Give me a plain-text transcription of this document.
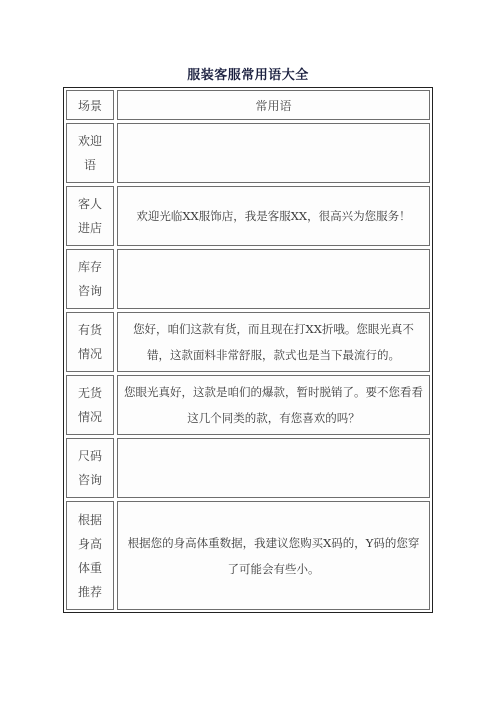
服装客服常用语大全
场景	常用语
欢迎语
客人进店
欢迎光临XX服饰店，我是客服XX，很高兴为您服务！
库存咨询
有货情况
您好，咱们这款有货，而且现在打XX折哦。您眼光真不错，这款面料非常舒服，款式也是当下最流行的。
无货情况
您眼光真好，这款是咱们的爆款，暂时脱销了。要不您看看这几个同类的款，有您喜欢的吗？
尺码咨询
根据身高体重推荐
根据您的身高体重数据，我建议您购买X码的，Y码的您穿了可能会有些小。
